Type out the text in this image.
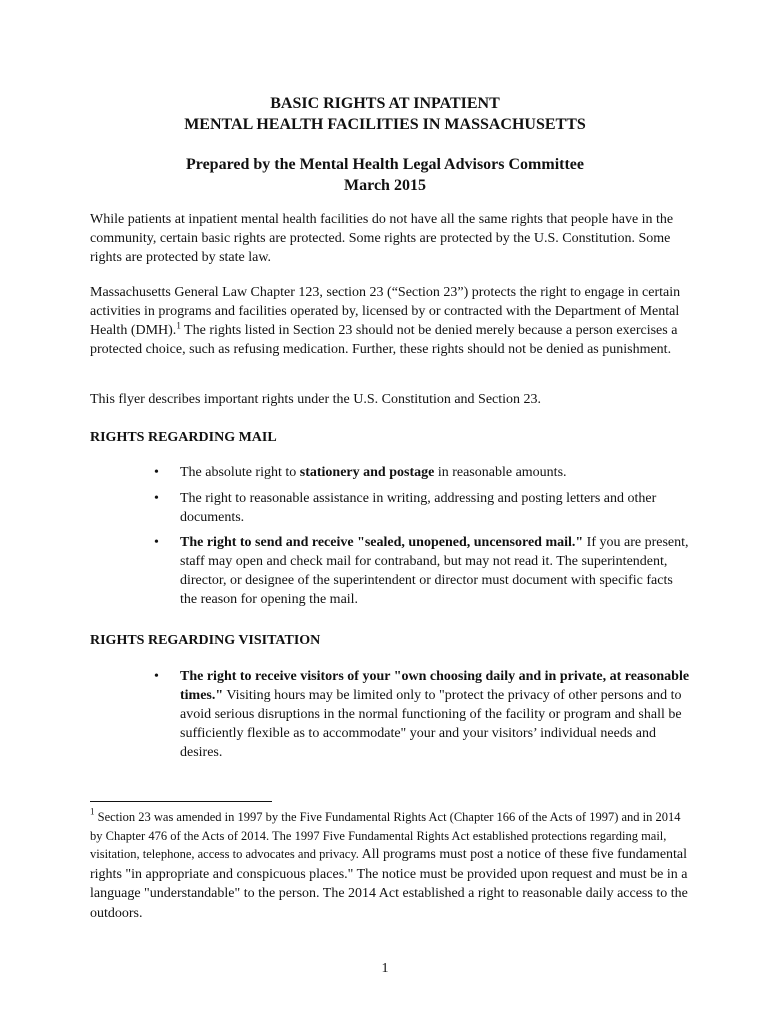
BASIC RIGHTS AT INPATIENT
MENTAL HEALTH FACILITIES IN MASSACHUSETTS
Prepared by the Mental Health Legal Advisors Committee
March 2015

While patients at inpatient mental health facilities do not have all the same rights that people have in the community, certain basic rights are protected. Some rights are protected by the U.S. Constitution. Some rights are protected by state law.

Massachusetts General Law Chapter 123, section 23 (“Section 23”) protects the right to engage in certain activities in programs and facilities operated by, licensed by or contracted with the Department of Mental Health (DMH).$^1$ The rights listed in Section 23 should not be denied merely because a person exercises a protected choice, such as refusing medication. Further, these rights should not be denied as punishment.

This flyer describes important rights under the U.S. Constitution and Section 23.

RIGHTS REGARDING MAIL

• The absolute right to stationery and postage in reasonable amounts.

• The right to reasonable assistance in writing, addressing and posting letters and other documents.

• The right to send and receive "sealed, unopened, uncensored mail." If you are present, staff may open and check mail for contraband, but may not read it. The superintendent, director, or designee of the superintendent or director must document with specific facts the reason for opening the mail.

RIGHTS REGARDING VISITATION

• The right to receive visitors of your "own choosing daily and in private, at reasonable times." Visiting hours may be limited only to "protect the privacy of other persons and to avoid serious disruptions in the normal functioning of the facility or program and shall be sufficiently flexible as to accommodate" your and your visitors’ individual needs and desires.

$^1$ Section 23 was amended in 1997 by the Five Fundamental Rights Act (Chapter 166 of the Acts of 1997) and in 2014 by Chapter 476 of the Acts of 2014. The 1997 Five Fundamental Rights Act established protections regarding mail, visitation, telephone, access to advocates and privacy. All programs must post a notice of these five fundamental rights "in appropriate and conspicuous places." The notice must be provided upon request and must be in a language "understandable" to the person. The 2014 Act established a right to reasonable daily access to the outdoors.

1
